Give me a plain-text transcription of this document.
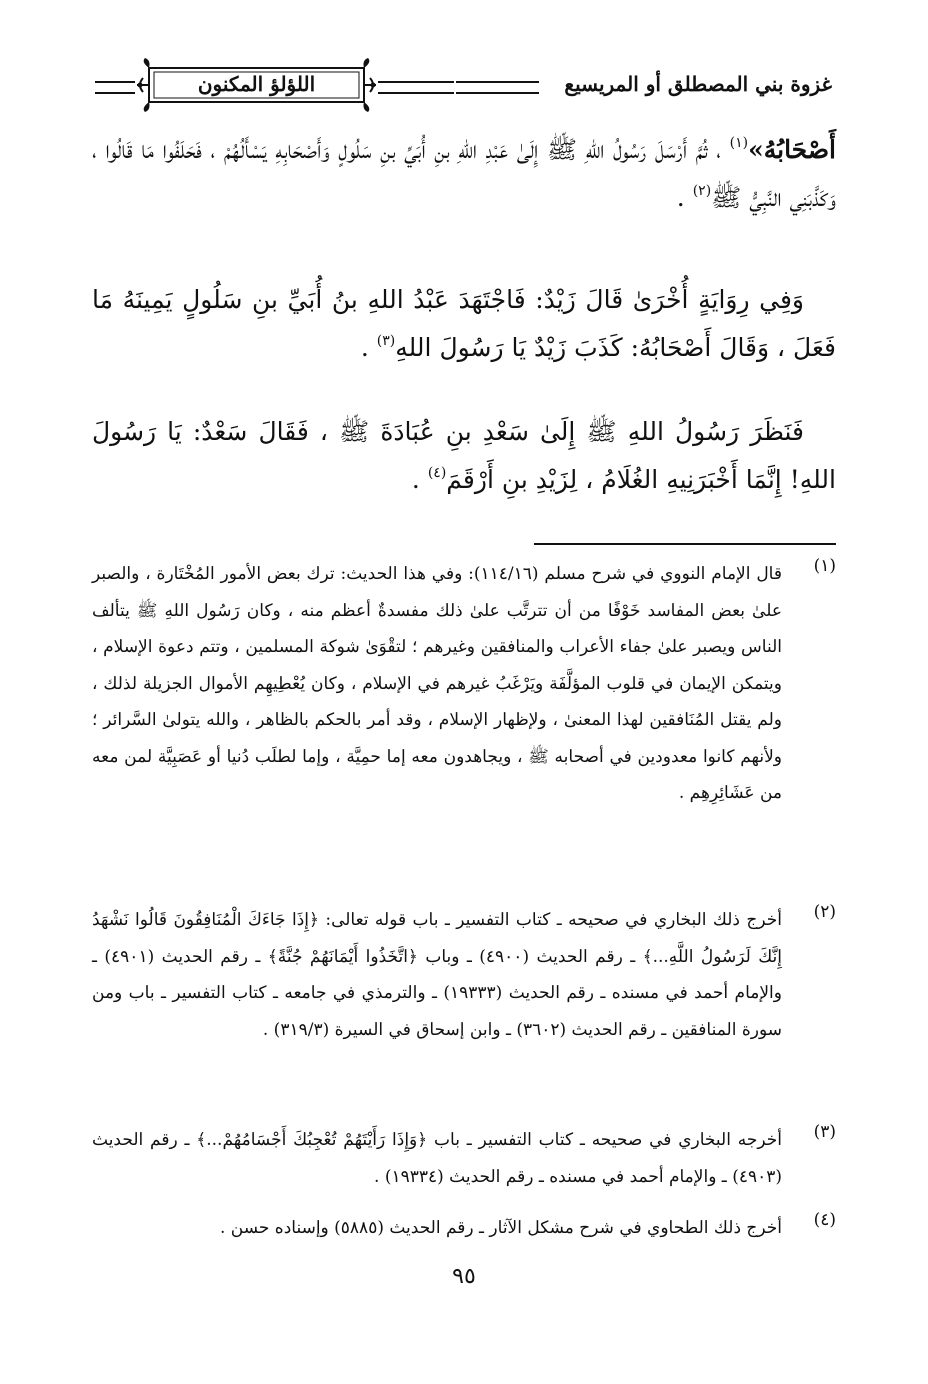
غزوة بني المصطلق أو المريسيع
اللؤلؤ المكنون

أَصْحَابُهُ»$^{(١)}$ ، ثُمَّ أَرْسَلَ رَسُولُ اللهِ ﷺ إِلَىٰ عَبْدِ اللهِ بنِ أُبَيِّ بنِ سَلُولٍ وَأَصْحَابِهِ يَسْأَلُهُمْ ، فَحَلَفُوا مَا قَالُوا ، وَكَذَّبَنِي النَّبِيُّ ﷺ$^{(٢)}$ .

وَفِي رِوَايَةٍ أُخْرَىٰ قَالَ زَيْدٌ: فَاجْتَهَدَ عَبْدُ اللهِ بنُ أُبَيِّ بنِ سَلُولٍ يَمِينَهُ مَا فَعَلَ ، وَقَالَ أَصْحَابُهُ: كَذَبَ زَيْدٌ يَا رَسُولَ اللهِ$^{(٣)}$ .

فَنَظَرَ رَسُولُ اللهِ ﷺ إِلَىٰ سَعْدِ بنِ عُبَادَةَ ﷺ ، فَقَالَ سَعْدٌ: يَا رَسُولَ اللهِ! إِنَّمَا أَخْبَرَنِيهِ الغُلَامُ ، لِزَيْدِ بنِ أَرْقَمَ$^{(٤)}$ .

(١)
قال الإمام النووي في شرح مسلم (١١٤/١٦): وفي هذا الحديث: ترك بعض الأمور المُخْتَارة ، والصبر علىٰ بعض المفاسد خَوْفًا من أن تترتَّب علىٰ ذلك مفسدةٌ أعظم منه ، وكان رَسُول اللهِ ﷺ يتألف الناس ويصبر علىٰ جفاء الأعراب والمنافقين وغيرهم ؛ لتقْوَىٰ شوكة المسلمين ، وتتم دعوة الإسلام ، ويتمكن الإيمان في قلوب المؤلَّفَة ويَرْغَبُ غيرهم في الإسلام ، وكان يُعْطِيهِم الأموال الجزيلة لذلك ، ولم يقتل المُنَافقين لهذا المعنىٰ ، ولإظهار الإسلام ، وقد أمر بالحكم بالظاهر ، والله يتولىٰ السَّرائر ؛ ولأنهم كانوا معدودين في أصحابه ﷺ ، ويجاهدون معه إما حمِيَّة ، وإما لطلَب دُنيا أو عَصَبِيَّة لمن معه من عَشَائِرِهِم .
(٢)
أخرج ذلك البخاري في صحيحه ـ كتاب التفسير ـ باب قوله تعالى: ﴿إِذَا جَاءَكَ الْمُنَافِقُونَ قَالُوا نَشْهَدُ إِنَّكَ لَرَسُولُ اللَّهِ...﴾ ـ رقم الحديث (٤٩٠٠) ـ وباب ﴿اتَّخَذُوا أَيْمَانَهُمْ جُنَّةً﴾ ـ رقم الحديث (٤٩٠١) ـ والإمام أحمد في مسنده ـ رقم الحديث (١٩٣٣٣) ـ والترمذي في جامعه ـ كتاب التفسير ـ باب ومن سورة المنافقين ـ رقم الحديث (٣٦٠٢) ـ وابن إسحاق في السيرة (٣١٩/٣) .
(٣)
أخرجه البخاري في صحيحه ـ كتاب التفسير ـ باب ﴿وَإِذَا رَأَيْتَهُمْ تُعْجِبُكَ أَجْسَامُهُمْ...﴾ ـ رقم الحديث (٤٩٠٣) ـ والإمام أحمد في مسنده ـ رقم الحديث (١٩٣٣٤) .
(٤)
أخرج ذلك الطحاوي في شرح مشكل الآثار ـ رقم الحديث (٥٨٨٥) وإسناده حسن .
٩٥
